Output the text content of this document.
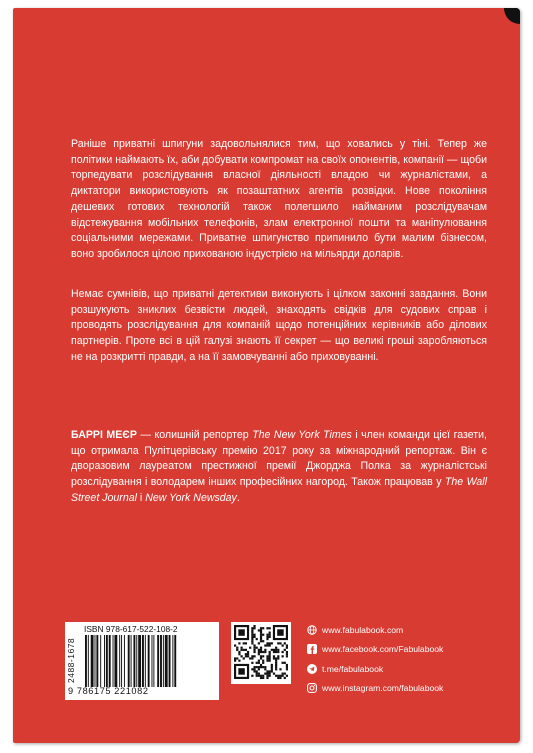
Раніше приватні шпигуни задовольнялися тим, що ховались у тіні. Тепер же політики наймають їх, аби добувати компромат на своїх опонентів, компанії — щоби торпедувати розслідування власної діяльності владою чи журналістами, а диктатори використовують як позаштатних агентів розвідки. Нове покоління дешевих готових технологій також полегшило найманим розслідувачам відстежування мобільних телефонів, злам електронної пошти та маніпулювання соціальними мережами. Приватне шпигунство припинило бути малим бізнесом, воно зробилося цілою прихованою індустрією на мільярди доларів.

Немає сумнівів, що приватні детективи виконують і цілком законні завдання. Вони розшукують зниклих безвісти людей, знаходять свідків для судових справ і проводять розслідування для компаній щодо потенційних керівників або ділових партнерів. Проте всі в цій галузі знають її секрет — що великі гроші заробляються не на розкритті правди, а на її замовчуванні або приховуванні.

БАРРІ МЕЄР — колишній репортер The New York Times і член команди цієї газети, що отримала Пулітцерівську премію 2017 року за міжнародний репортаж. Він є дворазовим лауреатом престижної премії Джорджа Полка за журналістські розслідування і володарем інших професійних нагород. Також працював у The Wall Street Journal і New York Newsday.

ISBN 978-617-522-108-2
2488-1678
9 786175 221082
www.fabulabook.com
www.facebook.com/Fabulabook
t.me/fabulabook
www.instagram.com/fabulabook
